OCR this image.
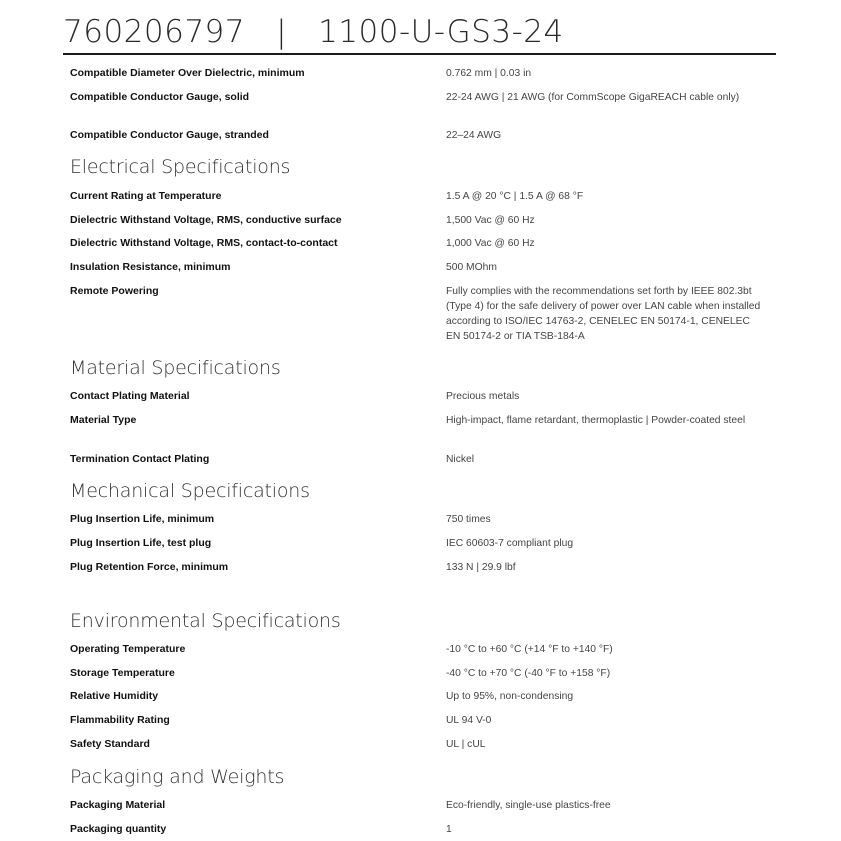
760206797   |   1100-U-GS3-24
Compatible Diameter Over Dielectric, minimum	0.762 mm | 0.03 in
Compatible Conductor Gauge, solid	22-24 AWG | 21 AWG (for CommScope GigaREACH cable only)
Compatible Conductor Gauge, stranded	22–24 AWG
Electrical Specifications
Current Rating at Temperature	1.5 A @ 20 °C | 1.5 A @ 68 °F
Dielectric Withstand Voltage, RMS, conductive surface	1,500 Vac @ 60 Hz
Dielectric Withstand Voltage, RMS, contact-to-contact	1,000 Vac @ 60 Hz
Insulation Resistance, minimum	500 MOhm
Remote Powering	Fully complies with the recommendations set forth by IEEE 802.3bt (Type 4) for the safe delivery of power over LAN cable when installed according to ISO/IEC 14763-2, CENELEC EN 50174-1, CENELEC EN 50174-2 or TIA TSB-184-A
Material Specifications
Contact Plating Material	Precious metals
Material Type	High-impact, flame retardant, thermoplastic | Powder-coated steel
Termination Contact Plating	Nickel
Mechanical Specifications
Plug Insertion Life, minimum	750 times
Plug Insertion Life, test plug	IEC 60603-7 compliant plug
Plug Retention Force, minimum	133 N | 29.9 lbf
Environmental Specifications
Operating Temperature	-10 °C to +60 °C (+14 °F to +140 °F)
Storage Temperature	-40 °C to +70 °C (-40 °F to +158 °F)
Relative Humidity	Up to 95%, non-condensing
Flammability Rating	UL 94 V-0
Safety Standard	UL | cUL
Packaging and Weights
Packaging Material	Eco-friendly, single-use plastics-free
Packaging quantity	1
